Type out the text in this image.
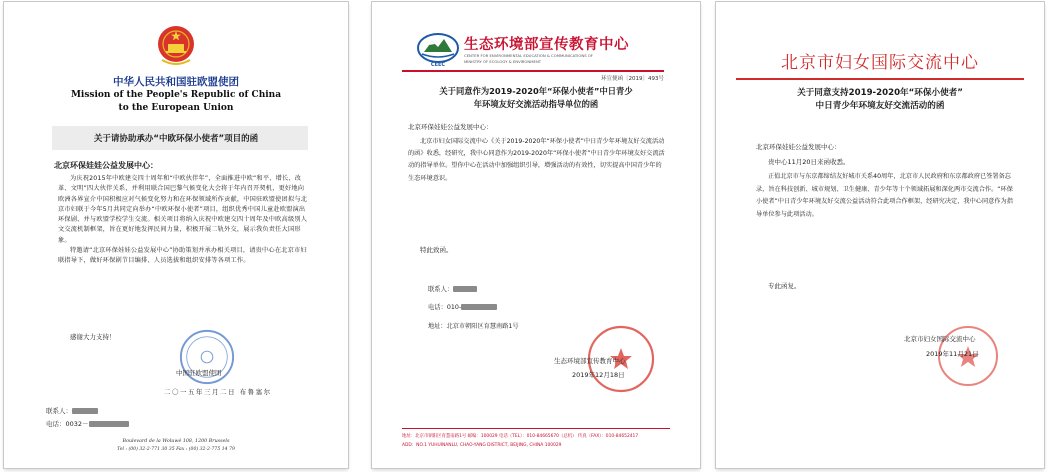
中华人民共和国驻欧盟使团
Mission of the People's Republic of China
to the European Union
关于请协助承办“中欧环保小使者”项目的函
北京环保娃娃公益发展中心：

为庆祝2015年中欧建交四十周年和“中欧伙伴年”，全面推进中欧“和平、增长、改革、文明”四大伙伴关系，并利用联合国巴黎气候变化大会将于年内召开契机，更好地向欧洲各界宣介中国积极应对气候变化努力和在环保领域所作贡献，中国驻欧盟使团拟与北京市妇联于今年5月共同定向举办“中欧环保小使者”项目，组织优秀中国儿童赴欧盟演出环保剧、并与欧盟学校学生交流。相关项目将纳入庆祝中欧建交四十周年及中欧高级别人文交流机制框架，旨在更好地发挥民间力量，积极开展二轨外交，展示我负责任大国形象。

特邀请“北京环保娃娃公益发展中心”协助策划并承办相关项目，请贵中心在北京市妇联指导下，做好环保剧节目编排、人员选拔和组织安排等各项工作。

感谢大力支持！
中国驻欧盟使团
二〇一五年三月二日 布鲁塞尔
联系人：
电话：0032－
Boulevard de la Woluwé 108, 1200 Brussels
Tel : (00) 32-2-771 30 35 Fax : (00) 32-2-775 14 79
CEEC
生态环境部宣传教育中心
CENTER FOR ENVIRONMENTAL EDUCATION & COMMUNICATIONS OF
MINISTRY OF ECOLOGY & ENVIRONMENT
环宣便函〔2019〕493号
关于同意作为2019-2020年“环保小使者”中日青少
年环境友好交流活动指导单位的函
北京环保娃娃公益发展中心：

北京市妇女国际交流中心《关于2019-2020年“环保小使者”中日青少年环境友好交流活动的函》收悉，经研究，我中心同意作为2019-2020年“环保小使者”中日青少年环境友好交流活动的指导单位。望你中心在活动中加强组织引导，增强活动的有效性，切实提高中国青少年的生态环境意识。

特此致函。
联系人：
电话：010-
地址：北京市朝阳区育慧南路1号
生态环境部宣传教育中心
2019年12月18日
地址：北京市朝阳区育慧南路1号 邮编：100029 电话（TEL）：010-84665670（总机） 传真（FAX）：010-84652417
ADD：NO.1 YUHUINANLU, CHAO-YANG DISTRICT, BEIJING, CHINA 100029
北京市妇女国际交流中心
关于同意支持2019-2020年“环保小使者”
中日青少年环境友好交流活动的函
北京环保娃娃公益发展中心：
贵中心11月20日来函收悉。

正值北京市与东京都缔结友好城市关系40周年，北京市人民政府和东京都政府已签署备忘录，旨在科技创新、城市规划、卫生健康、青少年等十个领域拓展和深化两市交流合作。“环保小使者”中日青少年环境友好交流公益活动符合此项合作框架，经研究决定，我中心同意作为指导单位参与此项活动。

专此函复。
北京市妇女国际交流中心
2019年11月21日
